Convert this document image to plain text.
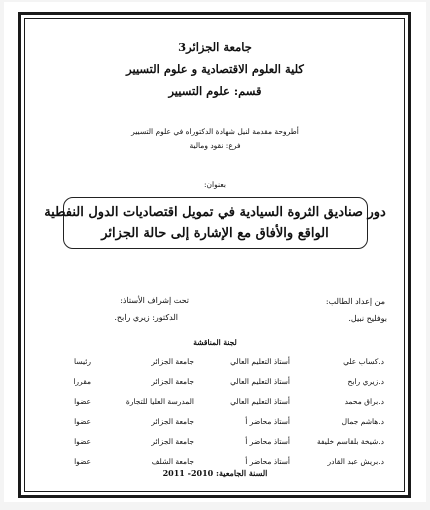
جامعة الجزائر3
كلية العلوم الاقتصادية و علوم التسيير
قسم: علوم التسيير
أطروحة مقدمة لنيل شهادة الدكتوراه في علوم التسيير
فرع: نقود ومالية
بعنوان:
دور صناديق الثروة السيادية في تمويل اقتصاديات الدول النفطية
الواقع والأفاق مع الإشارة إلى حالة الجزائر
من إعداد الطالب:
بوفليح نبيل.
تحت إشراف الأستاذ:
الدكتور: زيري رابح.
لجنة المناقشة
د.كساب علي
أستاذ التعليم العالي
جامعة الجزائر
رئيسا
د.زيري رابح
أستاذ التعليم العالي
جامعة الجزائر
مقررا
د.براق محمد
أستاذ التعليم العالي
المدرسة العليا للتجارة
عضوا
د.هاشم جمال
أستاذ محاضر أ
جامعة الجزائر
عضوا
د.شيخة بلقاسم خليفة
أستاذ محاضر أ
جامعة الجزائر
عضوا
د.بريش عبد القادر
أستاذ محاضر أ
جامعة الشلف
عضوا
السنة الجامعية: 2010- 2011
